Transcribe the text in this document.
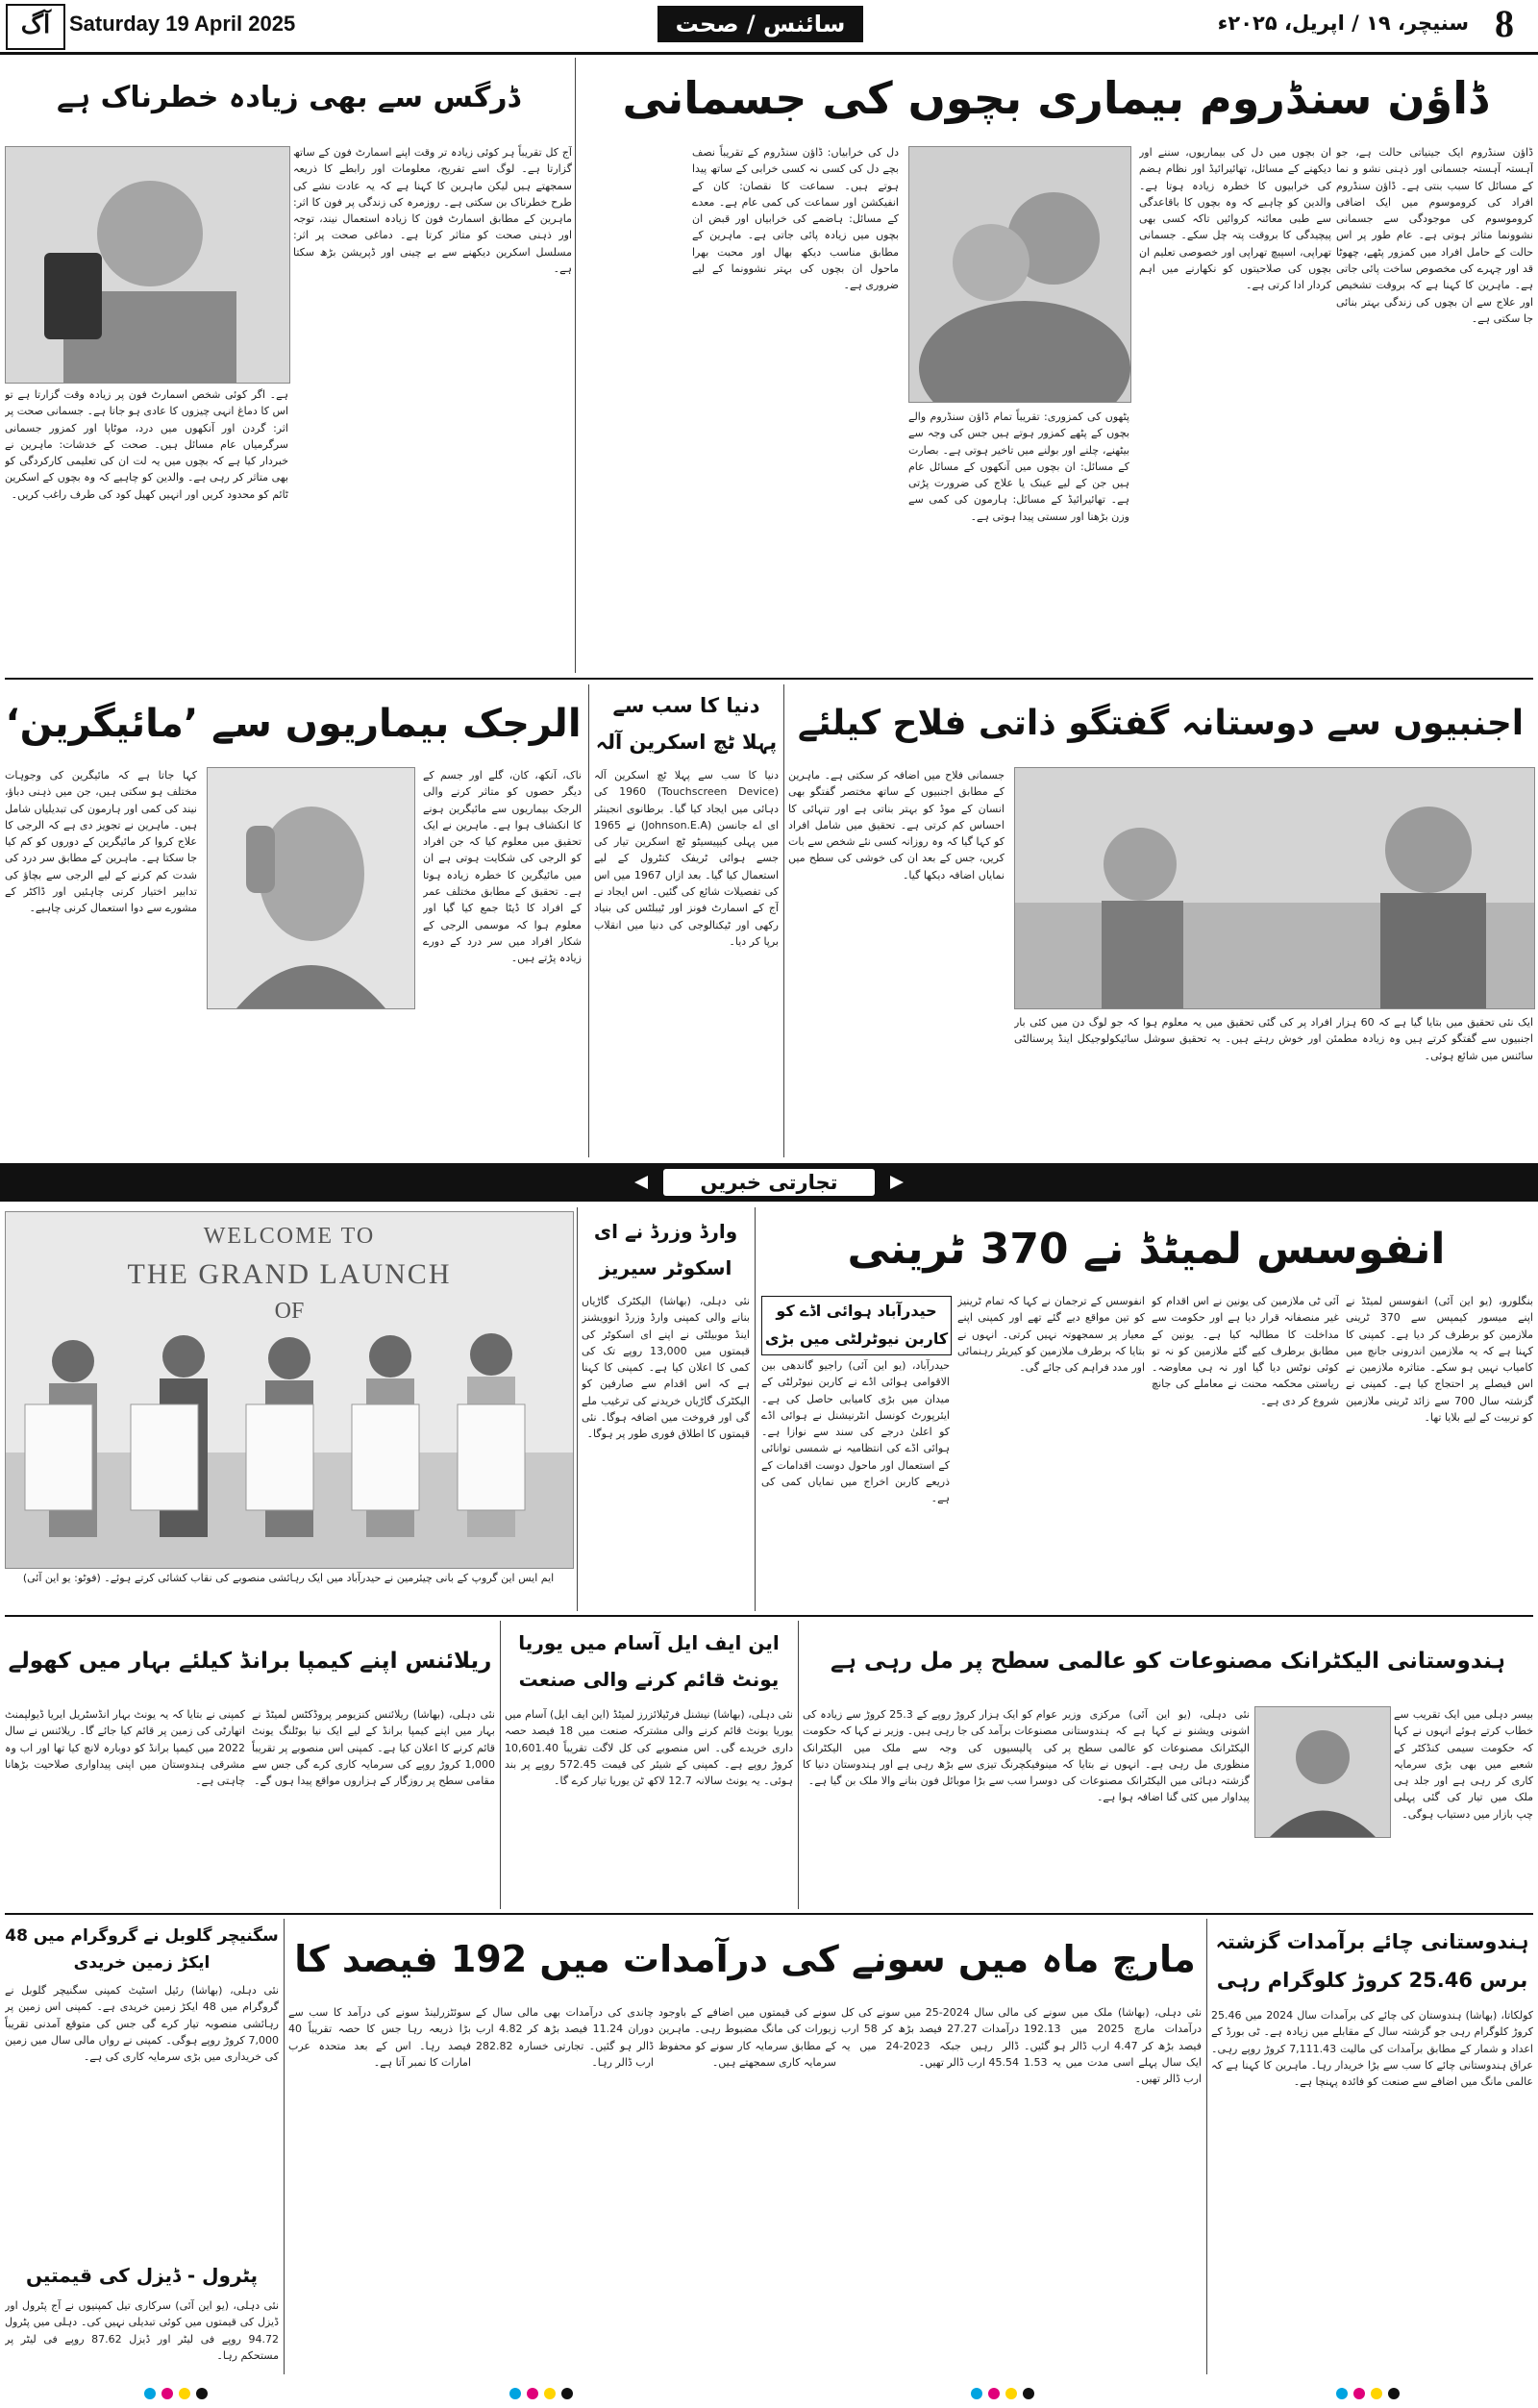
آگ Saturday 19 April 2025	سائنس / صحت	سنیچر، ۱۹ / اپریل، ۲۰۲۵ء 8
ڈاؤن سنڈروم بیماری بچوں کی جسمانی
ڈاؤن سنڈروم ایک جینیاتی حالت ہے، جو آہستہ آہستہ جسمانی اور ذہنی نشو و نما کے مسائل کا سبب بنتی ہے۔ ڈاؤن سنڈروم افراد کی کروموسوم میں ایک اضافی کروموسوم کی موجودگی سے جسمانی نشوونما متاثر ہوتی ہے۔ عام طور پر اس حالت کے حامل افراد میں کمزور پٹھے، چھوٹا قد اور چہرے کی مخصوص ساخت پائی جاتی ہے۔ ماہرین کا کہنا ہے کہ بروقت تشخیص اور علاج سے ان بچوں کی زندگی بہتر بنائی جا سکتی ہے۔
ان بچوں میں دل کی بیماریوں، سننے اور دیکھنے کے مسائل، تھائیرائیڈ اور نظام ہضم کی خرابیوں کا خطرہ زیادہ ہوتا ہے۔ والدین کو چاہیے کہ وہ بچوں کا باقاعدگی سے طبی معائنہ کروائیں تاکہ کسی بھی پیچیدگی کا بروقت پتہ چل سکے۔ جسمانی تھراپی، اسپیچ تھراپی اور خصوصی تعلیم ان بچوں کی صلاحیتوں کو نکھارنے میں اہم کردار ادا کرتی ہے۔
پٹھوں کی کمزوری: تقریباً تمام ڈاؤن سنڈروم والے بچوں کے پٹھے کمزور ہوتے ہیں جس کی وجہ سے بیٹھنے، چلنے اور بولنے میں تاخیر ہوتی ہے۔ بصارت کے مسائل: ان بچوں میں آنکھوں کے مسائل عام ہیں جن کے لیے عینک یا علاج کی ضرورت پڑتی ہے۔ تھائیرائیڈ کے مسائل: ہارمون کی کمی سے وزن بڑھنا اور سستی پیدا ہوتی ہے۔
دل کی خرابیاں: ڈاؤن سنڈروم کے تقریباً نصف بچے دل کی کسی نہ کسی خرابی کے ساتھ پیدا ہوتے ہیں۔ سماعت کا نقصان: کان کے انفیکشن اور سماعت کی کمی عام ہے۔ معدے کے مسائل: ہاضمے کی خرابیاں اور قبض ان بچوں میں زیادہ پائی جاتی ہے۔ ماہرین کے مطابق مناسب دیکھ بھال اور محبت بھرا ماحول ان بچوں کی بہتر نشوونما کے لیے ضروری ہے۔
ڈرگس سے بھی زیادہ خطرناک ہے
آج کل تقریباً ہر کوئی زیادہ تر وقت اپنے اسمارٹ فون کے ساتھ گزارتا ہے۔ لوگ اسے تفریح، معلومات اور رابطے کا ذریعہ سمجھتے ہیں لیکن ماہرین کا کہنا ہے کہ یہ عادت نشے کی طرح خطرناک بن سکتی ہے۔ روزمرہ کی زندگی پر فون کا اثر: ماہرین کے مطابق اسمارٹ فون کا زیادہ استعمال نیند، توجہ اور ذہنی صحت کو متاثر کرتا ہے۔ دماغی صحت پر اثر: مسلسل اسکرین دیکھنے سے بے چینی اور ڈپریشن بڑھ سکتا ہے۔
ہے۔ اگر کوئی شخص اسمارٹ فون پر زیادہ وقت گزارتا ہے تو اس کا دماغ انہی چیزوں کا عادی ہو جاتا ہے۔ جسمانی صحت پر اثر: گردن اور آنکھوں میں درد، موٹاپا اور کمزور جسمانی سرگرمیاں عام مسائل ہیں۔ صحت کے خدشات: ماہرین نے خبردار کیا ہے کہ بچوں میں یہ لت ان کی تعلیمی کارکردگی کو بھی متاثر کر رہی ہے۔ والدین کو چاہیے کہ وہ بچوں کے اسکرین ٹائم کو محدود کریں اور انہیں کھیل کود کی طرف راغب کریں۔
الرجک بیماریوں سے ’مائیگرین‘
کہا جاتا ہے کہ مائیگرین کی وجوہات مختلف ہو سکتی ہیں، جن میں ذہنی دباؤ، نیند کی کمی اور ہارمون کی تبدیلیاں شامل ہیں۔ ماہرین نے تجویز دی ہے کہ الرجی کا علاج کروا کر مائیگرین کے دوروں کو کم کیا جا سکتا ہے۔ ماہرین کے مطابق سر درد کی شدت کم کرنے کے لیے الرجی سے بچاؤ کی تدابیر اختیار کرنی چاہئیں اور ڈاکٹر کے مشورے سے دوا استعمال کرنی چاہیے۔
ناک، آنکھ، کان، گلے اور جسم کے دیگر حصوں کو متاثر کرنے والی الرجک بیماریوں سے مائیگرین ہونے کا انکشاف ہوا ہے۔ ماہرین نے ایک تحقیق میں معلوم کیا کہ جن افراد کو الرجی کی شکایت ہوتی ہے ان میں مائیگرین کا خطرہ زیادہ ہوتا ہے۔ تحقیق کے مطابق مختلف عمر کے افراد کا ڈیٹا جمع کیا گیا اور معلوم ہوا کہ موسمی الرجی کے شکار افراد میں سر درد کے دورے زیادہ پڑتے ہیں۔
دنیا کا سب سے پہلا ٹچ اسکرین آلہ
دنیا کا سب سے پہلا ٹچ اسکرین آلہ (Touchscreen Device) 1960 کی دہائی میں ایجاد کیا گیا۔ برطانوی انجینئر ای اے جانسن (Johnson.E.A) نے 1965 میں پہلی کیپیسیٹو ٹچ اسکرین تیار کی جسے ہوائی ٹریفک کنٹرول کے لیے استعمال کیا گیا۔ بعد ازاں 1967 میں اس کی تفصیلات شائع کی گئیں۔ اس ایجاد نے آج کے اسمارٹ فونز اور ٹیبلٹس کی بنیاد رکھی اور ٹیکنالوجی کی دنیا میں انقلاب برپا کر دیا۔
اجنبیوں سے دوستانہ گفتگو ذاتی فلاح کیلئے
جسمانی فلاح میں اضافہ کر سکتی ہے۔ ماہرین کے مطابق اجنبیوں کے ساتھ مختصر گفتگو بھی انسان کے موڈ کو بہتر بناتی ہے اور تنہائی کا احساس کم کرتی ہے۔ تحقیق میں شامل افراد کو کہا گیا کہ وہ روزانہ کسی نئے شخص سے بات کریں، جس کے بعد ان کی خوشی کی سطح میں نمایاں اضافہ دیکھا گیا۔
ایک نئی تحقیق میں بتایا گیا ہے کہ 60 ہزار افراد پر کی گئی تحقیق میں یہ معلوم ہوا کہ جو لوگ دن میں کئی بار اجنبیوں سے گفتگو کرتے ہیں وہ زیادہ مطمئن اور خوش رہتے ہیں۔ یہ تحقیق سوشل سائیکولوجیکل اینڈ پرسنالٹی سائنس میں شائع ہوئی۔
تجارتی خبریں
WELCOME TO
THE GRAND LAUNCH
OF
ایم ایس این گروپ کے بانی چیئرمین نے حیدرآباد میں ایک رہائشی منصوبے کی نقاب کشائی کرتے ہوئے۔ (فوٹو: یو این آئی)
وارڈ وزرڈ نے ای اسکوٹر سیریز
نئی دہلی، (بھاشا) الیکٹرک گاڑیاں بنانے والی کمپنی وارڈ وزرڈ انوویشنز اینڈ موبیلٹی نے اپنے ای اسکوٹر کی قیمتوں میں 13,000 روپے تک کی کمی کا اعلان کیا ہے۔ کمپنی کا کہنا ہے کہ اس اقدام سے صارفین کو الیکٹرک گاڑیاں خریدنے کی ترغیب ملے گی اور فروخت میں اضافہ ہوگا۔ نئی قیمتوں کا اطلاق فوری طور پر ہوگا۔
انفوسس لمیٹڈ نے 370 ٹرینی
حیدرآباد ہوائی اڈے کو کاربن نیوٹرلٹی میں بڑی
حیدرآباد، (یو این آئی) راجیو گاندھی بین الاقوامی ہوائی اڈے نے کاربن نیوٹرلٹی کے میدان میں بڑی کامیابی حاصل کی ہے۔ ایئرپورٹ کونسل انٹرنیشنل نے ہوائی اڈے کو اعلیٰ درجے کی سند سے نوازا ہے۔ ہوائی اڈے کی انتظامیہ نے شمسی توانائی کے استعمال اور ماحول دوست اقدامات کے ذریعے کاربن اخراج میں نمایاں کمی کی ہے۔
بنگلورو، (یو این آئی) انفوسس لمیٹڈ نے اپنے میسور کیمپس سے 370 ٹرینی ملازمین کو برطرف کر دیا ہے۔ کمپنی کا کہنا ہے کہ یہ ملازمین اندرونی جانچ میں کامیاب نہیں ہو سکے۔ متاثرہ ملازمین نے اس فیصلے پر احتجاج کیا ہے۔ کمپنی نے گزشتہ سال 700 سے زائد ٹرینی ملازمین کو تربیت کے لیے بلایا تھا۔
آئی ٹی ملازمین کی یونین نے اس اقدام کو غیر منصفانہ قرار دیا ہے اور حکومت سے مداخلت کا مطالبہ کیا ہے۔ یونین کے مطابق برطرف کیے گئے ملازمین کو نہ تو کوئی نوٹس دیا گیا اور نہ ہی معاوضہ۔ ریاستی محکمہ محنت نے معاملے کی جانچ شروع کر دی ہے۔
انفوسس کے ترجمان نے کہا کہ تمام ٹرینیز کو تین مواقع دیے گئے تھے اور کمپنی اپنے معیار پر سمجھوتہ نہیں کرتی۔ انہوں نے بتایا کہ برطرف ملازمین کو کیریئر رہنمائی اور مدد فراہم کی جائے گی۔
ریلائنس اپنے کیمپا برانڈ کیلئے بہار میں کھولے
نئی دہلی، (بھاشا) ریلائنس کنزیومر پروڈکٹس لمیٹڈ نے بہار میں اپنے کیمپا برانڈ کے لیے ایک نیا بوٹلنگ یونٹ قائم کرنے کا اعلان کیا ہے۔ کمپنی اس منصوبے پر تقریباً 1,000 کروڑ روپے کی سرمایہ کاری کرے گی جس سے مقامی سطح پر روزگار کے ہزاروں مواقع پیدا ہوں گے۔
کمپنی نے بتایا کہ یہ یونٹ بہار انڈسٹریل ایریا ڈیولپمنٹ اتھارٹی کی زمین پر قائم کیا جائے گا۔ ریلائنس نے سال 2022 میں کیمپا برانڈ کو دوبارہ لانچ کیا تھا اور اب وہ مشرقی ہندوستان میں اپنی پیداواری صلاحیت بڑھانا چاہتی ہے۔
این ایف ایل آسام میں یوریا یونٹ قائم کرنے والی صنعت
نئی دہلی، (بھاشا) نیشنل فرٹیلائزرز لمیٹڈ (این ایف ایل) آسام میں یوریا یونٹ قائم کرنے والی مشترکہ صنعت میں 18 فیصد حصہ داری خریدے گی۔ اس منصوبے کی کل لاگت تقریباً 10,601.40 کروڑ روپے ہے۔ کمپنی کے شیئر کی قیمت 572.45 روپے پر بند ہوئی۔ یہ یونٹ سالانہ 12.7 لاکھ ٹن یوریا تیار کرے گا۔
ہندوستانی الیکٹرانک مصنوعات کو عالمی سطح پر مل رہی ہے
عوام کو ایک ہزار کروڑ روپے کے 25.3 کروڑ سے زیادہ کی مصنوعات برآمد کی جا رہی ہیں۔ وزیر نے کہا کہ حکومت کی پالیسیوں کی وجہ سے ملک میں الیکٹرانک مینوفیکچرنگ تیزی سے بڑھ رہی ہے اور ہندوستان دنیا کا دوسرا سب سے بڑا موبائل فون بنانے والا ملک بن گیا ہے۔
نئی دہلی، (یو این آئی) مرکزی وزیر اشونی ویشنو نے کہا ہے کہ ہندوستانی الیکٹرانک مصنوعات کو عالمی سطح پر منظوری مل رہی ہے۔ انہوں نے بتایا کہ گزشتہ دہائی میں الیکٹرانک مصنوعات کی پیداوار میں کئی گنا اضافہ ہوا ہے۔
بیسر دہلی میں ایک تقریب سے خطاب کرتے ہوئے انہوں نے کہا کہ حکومت سیمی کنڈکٹر کے شعبے میں بھی بڑی سرمایہ کاری کر رہی ہے اور جلد ہی ملک میں تیار کی گئی پہلی چپ بازار میں دستیاب ہوگی۔
سگنیچر گلوبل نے گروگرام میں 48 ایکڑ زمین خریدی
نئی دہلی، (بھاشا) رئیل اسٹیٹ کمپنی سگنیچر گلوبل نے گروگرام میں 48 ایکڑ زمین خریدی ہے۔ کمپنی اس زمین پر رہائشی منصوبہ تیار کرے گی جس کی متوقع آمدنی تقریباً 7,000 کروڑ روپے ہوگی۔ کمپنی نے رواں مالی سال میں زمین کی خریداری میں بڑی سرمایہ کاری کی ہے۔
پٹرول - ڈیزل کی قیمتیں
نئی دہلی، (یو این آئی) سرکاری تیل کمپنیوں نے آج پٹرول اور ڈیزل کی قیمتوں میں کوئی تبدیلی نہیں کی۔ دہلی میں پٹرول 94.72 روپے فی لیٹر اور ڈیزل 87.62 روپے فی لیٹر پر مستحکم رہا۔
مارچ ماہ میں سونے کی درآمدات میں 192 فیصد کا
نئی دہلی، (بھاشا) ملک میں سونے کی درآمدات مارچ 2025 میں 192.13 فیصد بڑھ کر 4.47 ارب ڈالر ہو گئیں۔ ایک سال پہلے اسی مدت میں یہ 1.53 ارب ڈالر تھیں۔
مالی سال 2024-25 میں سونے کی کل درآمدات 27.27 فیصد بڑھ کر 58 ارب ڈالر رہیں جبکہ 2023-24 میں یہ 45.54 ارب ڈالر تھیں۔
سونے کی قیمتوں میں اضافے کے باوجود زیورات کی مانگ مضبوط رہی۔ ماہرین کے مطابق سرمایہ کار سونے کو محفوظ سرمایہ کاری سمجھتے ہیں۔
چاندی کی درآمدات بھی مالی سال کے دوران 11.24 فیصد بڑھ کر 4.82 ارب ڈالر ہو گئیں۔ تجارتی خسارہ 282.82 ارب ڈالر رہا۔
سوئٹزرلینڈ سونے کی درآمد کا سب سے بڑا ذریعہ رہا جس کا حصہ تقریباً 40 فیصد رہا۔ اس کے بعد متحدہ عرب امارات کا نمبر آتا ہے۔
ہندوستانی چائے برآمدات گزشتہ برس 25.46 کروڑ کلوگرام رہی
کولکاتا، (بھاشا) ہندوستان کی چائے کی برآمدات سال 2024 میں 25.46 کروڑ کلوگرام رہی جو گزشتہ سال کے مقابلے میں زیادہ ہے۔ ٹی بورڈ کے اعداد و شمار کے مطابق برآمدات کی مالیت 7,111.43 کروڑ روپے رہی۔ عراق ہندوستانی چائے کا سب سے بڑا خریدار رہا۔ ماہرین کا کہنا ہے کہ عالمی مانگ میں اضافے سے صنعت کو فائدہ پہنچا ہے۔
